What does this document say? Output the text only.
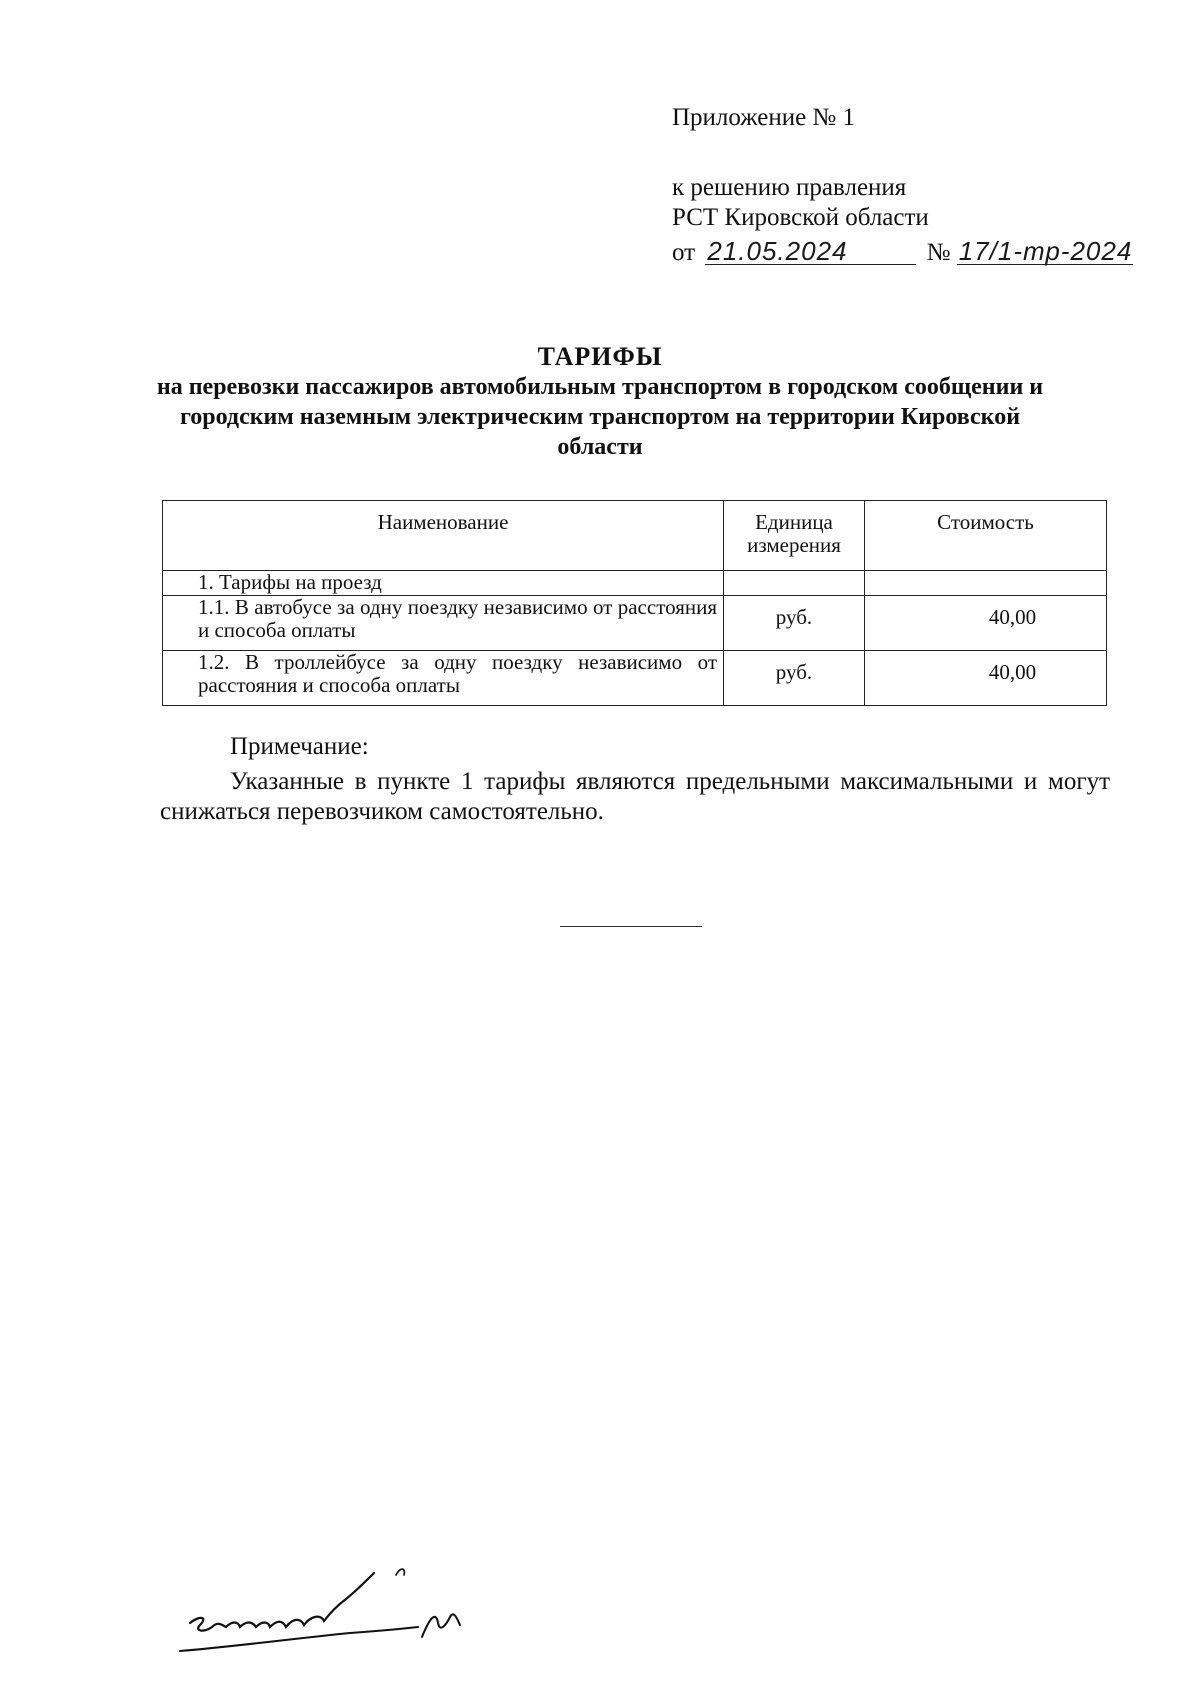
Приложение № 1
к решению правления
РСТ Кировской области
от 21.05.2024	№ 17/1-тр-2024
ТАРИФЫ
на перевозки пассажиров автомобильным транспортом в городском сообщении и городским наземным электрическим транспортом на территории Кировской области
Наименование	Единица измерения	Стоимость
1. Тарифы на проезд		
1.1. В автобусе за одну поездку независимо от расстояния и способа оплаты	руб.	40,00
1.2. В троллейбусе за одну поездку независимо от расстояния и способа оплаты	руб.	40,00
Примечание:
Указанные в пункте 1 тарифы являются предельными максимальными и могут снижаться перевозчиком самостоятельно.
